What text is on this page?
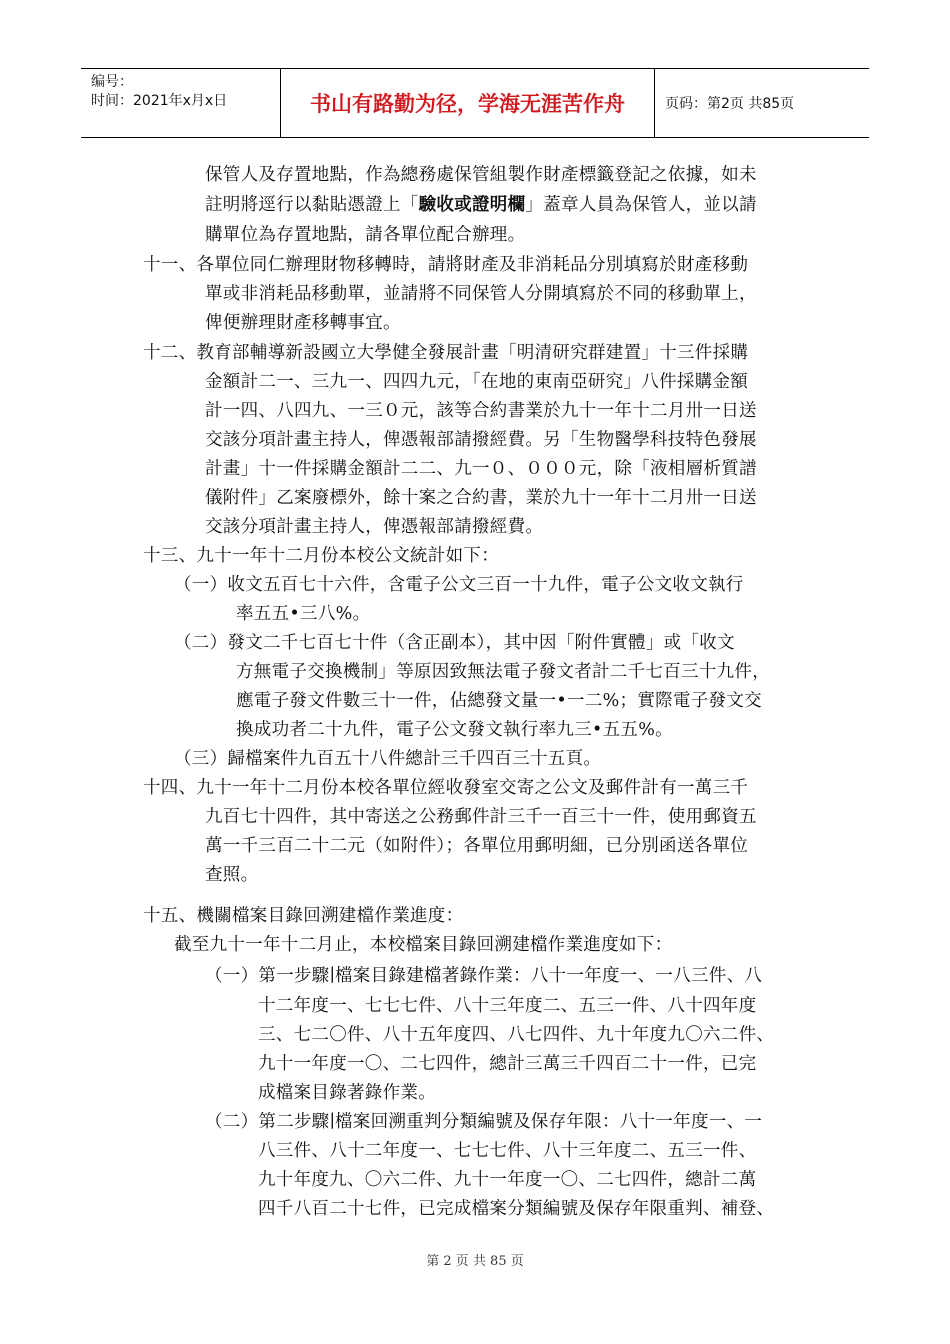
编号：
时间：2021年x月x日	书山有路勤为径，学海无涯苦作舟	页码：第2页 共85页
保管人及存置地點，作為總務處保管組製作財產標籤登記之依據，如未
註明將逕行以黏貼憑證上「驗收或證明欄」蓋章人員為保管人，並以請
購單位為存置地點，請各單位配合辦理。
十一、各單位同仁辦理財物移轉時，請將財產及非消耗品分別填寫於財產移動
單或非消耗品移動單，並請將不同保管人分開填寫於不同的移動單上，
俾便辦理財產移轉事宜。
十二、教育部輔導新設國立大學健全發展計畫「明清研究群建置」十三件採購
金額計二一、三九一、四四九元，「在地的東南亞研究」八件採購金額
計一四、八四九、一三０元，該等合約書業於九十一年十二月卅一日送
交該分項計畫主持人，俾憑報部請撥經費。另「生物醫學科技特色發展
計畫」十一件採購金額計二二、九一０、０００元，除「液相層析質譜
儀附件」乙案廢標外，餘十案之合約書，業於九十一年十二月卅一日送
交該分項計畫主持人，俾憑報部請撥經費。
十三、九十一年十二月份本校公文統計如下：
（一）收文五百七十六件，含電子公文三百一十九件，電子公文收文執行
率五五•三八%。
（二）發文二千七百七十件（含正副本），其中因「附件實體」或「收文
方無電子交換機制」等原因致無法電子發文者計二千七百三十九件，
應電子發文件數三十一件，佔總發文量一•一二%；實際電子發文交
換成功者二十九件，電子公文發文執行率九三•五五%。
（三）歸檔案件九百五十八件總計三千四百三十五頁。
十四、九十一年十二月份本校各單位經收發室交寄之公文及郵件計有一萬三千
九百七十四件，其中寄送之公務郵件計三千一百三十一件，使用郵資五
萬一千三百二十二元（如附件）；各單位用郵明細，已分別函送各單位
查照。
十五、機關檔案目錄回溯建檔作業進度：
截至九十一年十二月止，本校檔案目錄回溯建檔作業進度如下：
（一）第一步驟∣檔案目錄建檔著錄作業：八十一年度一、一八三件、八
十二年度一、七七七件、八十三年度二、五三一件、八十四年度
三、七二〇件、八十五年度四、八七四件、九十年度九〇六二件、
九十一年度一〇、二七四件，總計三萬三千四百二十一件，已完
成檔案目錄著錄作業。
（二）第二步驟∣檔案回溯重判分類編號及保存年限：八十一年度一、一
八三件、八十二年度一、七七七件、八十三年度二、五三一件、
九十年度九、〇六二件、九十一年度一〇、二七四件，總計二萬
四千八百二十七件，已完成檔案分類編號及保存年限重判、補登、
第 2 页 共 85 页
